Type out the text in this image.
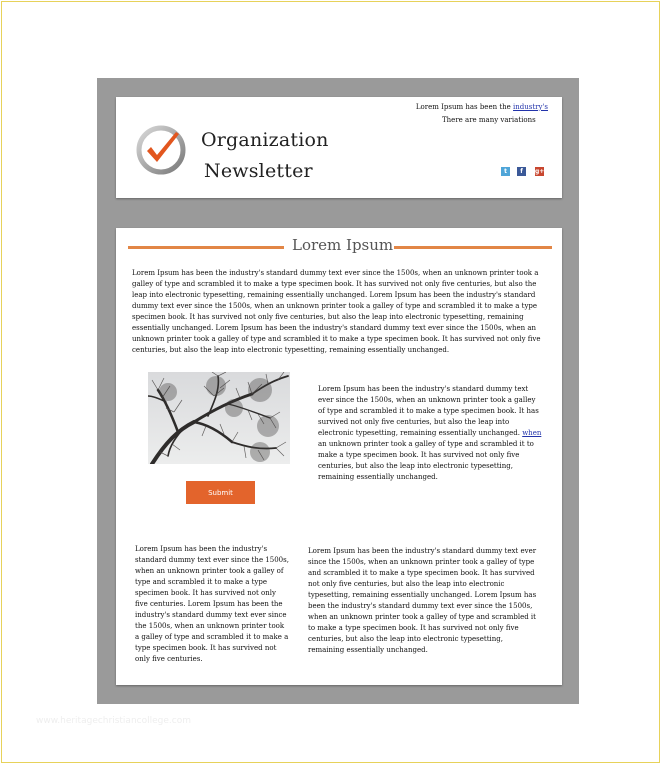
Organization
Newsletter
Lorem Ipsum has been the industry's
There are many variations
t	f	g+
Lorem Ipsum
Lorem Ipsum has been the industry's standard dummy text ever since the 1500s, when an unknown printer took a galley of type and scrambled it to make a type specimen book. It has survived not only five centuries, but also the leap into electronic typesetting, remaining essentially unchanged. Lorem Ipsum has been the industry's standard dummy text ever since the 1500s, when an unknown printer took a galley of type and scrambled it to make a type specimen book. It has survived not only five centuries, but also the leap into electronic typesetting, remaining essentially unchanged. Lorem Ipsum has been the industry's standard dummy text ever since the 1500s, when an unknown printer took a galley of type and scrambled it to make a type specimen book. It has survived not only five centuries, but also the leap into electronic typesetting, remaining essentially unchanged.
Lorem Ipsum has been the industry's standard dummy text ever since the 1500s, when an unknown printer took a galley of type and scrambled it to make a type specimen book. It has survived not only five centuries, but also the leap into electronic typesetting, remaining essentially unchanged. when an unknown printer took a galley of type and scrambled it to make a type specimen book. It has survived not only five centuries, but also the leap into electronic typesetting, remaining essentially unchanged.
Submit
Lorem Ipsum has been the industry's standard dummy text ever since the 1500s, when an unknown printer took a galley of type and scrambled it to make a type specimen book. It has survived not only five centuries. Lorem Ipsum has been the industry's standard dummy text ever since the 1500s, when an unknown printer took a galley of type and scrambled it to make a type specimen book. It has survived not only five centuries.
Lorem Ipsum has been the industry's standard dummy text ever since the 1500s, when an unknown printer took a galley of type and scrambled it to make a type specimen book. It has survived not only five centuries, but also the leap into electronic typesetting, remaining essentially unchanged. Lorem Ipsum has been the industry's standard dummy text ever since the 1500s, when an unknown printer took a galley of type and scrambled it to make a type specimen book. It has survived not only five centuries, but also the leap into electronic typesetting, remaining essentially unchanged.
www.heritagechristiancollege.com
